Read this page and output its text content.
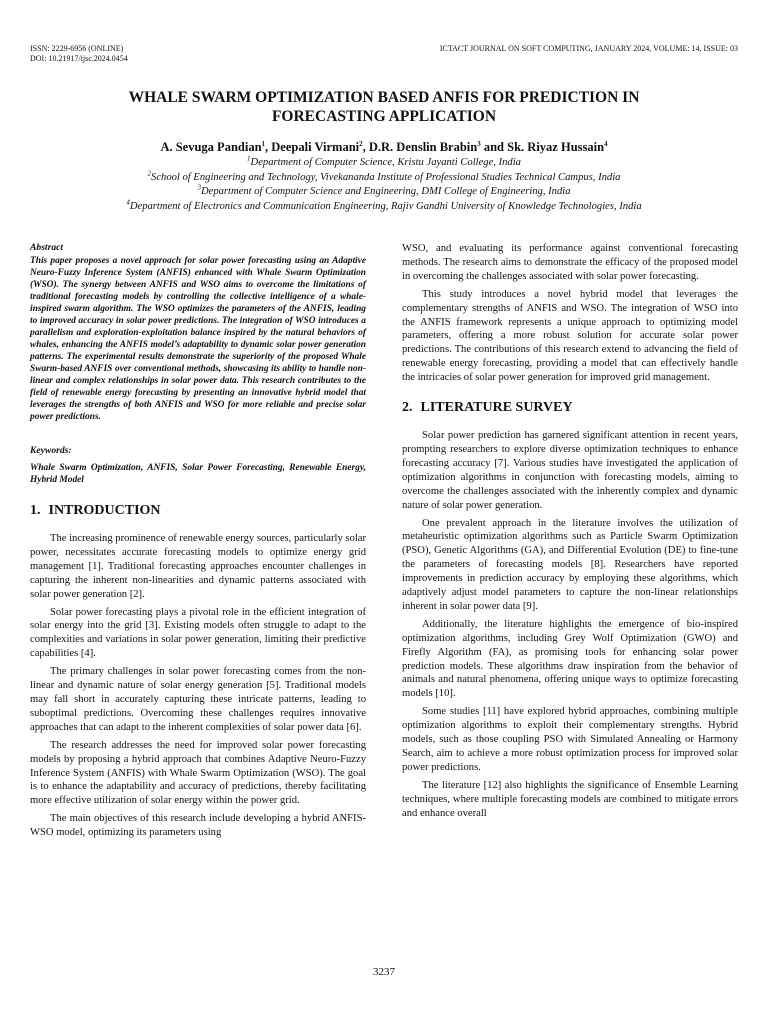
ISSN: 2229-6956 (ONLINE)
DOI: 10.21917/ijsc.2024.0454
ICTACT JOURNAL ON SOFT COMPUTING, JANUARY 2024, VOLUME: 14, ISSUE: 03
WHALE SWARM OPTIMIZATION BASED ANFIS FOR PREDICTION IN
FORECASTING APPLICATION
A. Sevuga Pandian$^1$, Deepali Virmani$^2$, D.R. Denslin Brabin$^3$ and Sk. Riyaz Hussain$^4$
$^1$Department of Computer Science, Kristu Jayanti College, India
$^2$School of Engineering and Technology, Vivekananda Institute of Professional Studies Technical Campus, India
$^3$Department of Computer Science and Engineering, DMI College of Engineering, India
$^4$Department of Electronics and Communication Engineering, Rajiv Gandhi University of Knowledge Technologies, India
Abstract
This paper proposes a novel approach for solar power forecasting using an Adaptive Neuro-Fuzzy Inference System (ANFIS) enhanced with Whale Swarm Optimization (WSO). The synergy between ANFIS and WSO aims to overcome the limitations of traditional forecasting models by controlling the collective intelligence of a whale-inspired swarm algorithm. The WSO optimizes the parameters of the ANFIS, leading to improved accuracy in solar power predictions. The integration of WSO introduces a parallelism and exploration-exploitation balance inspired by the natural behaviors of whales, enhancing the ANFIS model’s adaptability to dynamic solar power generation patterns. The experimental results demonstrate the superiority of the proposed Whale Swarm-based ANFIS over conventional methods, showcasing its ability to handle non-linear and complex relationships in solar power data. This research contributes to the field of renewable energy forecasting by presenting an innovative hybrid model that leverages the strengths of both ANFIS and WSO for more reliable and precise solar power predictions.
Keywords:
Whale Swarm Optimization, ANFIS, Solar Power Forecasting, Renewable Energy, Hybrid Model
1. INTRODUCTION

The increasing prominence of renewable energy sources, particularly solar power, necessitates accurate forecasting models to optimize energy grid management [1]. Traditional forecasting approaches encounter challenges in capturing the inherent non-linearities and dynamic patterns associated with solar power generation [2].

Solar power forecasting plays a pivotal role in the efficient integration of solar energy into the grid [3]. Existing models often struggle to adapt to the complexities and variations in solar power generation, limiting their predictive capabilities [4].

The primary challenges in solar power forecasting comes from the non-linear and dynamic nature of solar energy generation [5]. Traditional models may fall short in accurately capturing these intricate patterns, leading to suboptimal predictions. Overcoming these challenges requires innovative approaches that can adapt to the inherent complexities of solar power data [6].

The research addresses the need for improved solar power forecasting models by proposing a hybrid approach that combines Adaptive Neuro-Fuzzy Inference System (ANFIS) with Whale Swarm Optimization (WSO). The goal is to enhance the adaptability and accuracy of predictions, thereby facilitating more effective utilization of solar energy within the power grid.

The main objectives of this research include developing a hybrid ANFIS-WSO model, optimizing its parameters using

WSO, and evaluating its performance against conventional forecasting methods. The research aims to demonstrate the efficacy of the proposed model in overcoming the challenges associated with solar power forecasting.

This study introduces a novel hybrid model that leverages the complementary strengths of ANFIS and WSO. The integration of WSO into the ANFIS framework represents a unique approach to optimizing model parameters, offering a more robust solution for accurate solar power predictions. The contributions of this research extend to advancing the field of renewable energy forecasting, providing a model that can effectively handle the intricacies of solar power generation for improved grid management.

2. LITERATURE SURVEY

Solar power prediction has garnered significant attention in recent years, prompting researchers to explore diverse optimization techniques to enhance forecasting accuracy [7]. Various studies have investigated the application of optimization algorithms in conjunction with forecasting models, aiming to overcome the challenges associated with the inherently complex and dynamic nature of solar power generation.

One prevalent approach in the literature involves the utilization of metaheuristic optimization algorithms such as Particle Swarm Optimization (PSO), Genetic Algorithms (GA), and Differential Evolution (DE) to fine-tune the parameters of forecasting models [8]. Researchers have reported improvements in prediction accuracy by employing these algorithms, which adaptively adjust model parameters to capture the non-linear relationships inherent in solar power data [9].

Additionally, the literature highlights the emergence of bio-inspired optimization algorithms, including Grey Wolf Optimization (GWO) and Firefly Algorithm (FA), as promising tools for enhancing solar power prediction models. These algorithms draw inspiration from the behavior of animals and natural phenomena, offering unique ways to optimize forecasting models [10].

Some studies [11] have explored hybrid approaches, combining multiple optimization algorithms to exploit their complementary strengths. Hybrid models, such as those coupling PSO with Simulated Annealing or Harmony Search, aim to achieve a more robust optimization process for improved solar power predictions.

The literature [12] also highlights the significance of Ensemble Learning techniques, where multiple forecasting models are combined to mitigate errors and enhance overall

3237
